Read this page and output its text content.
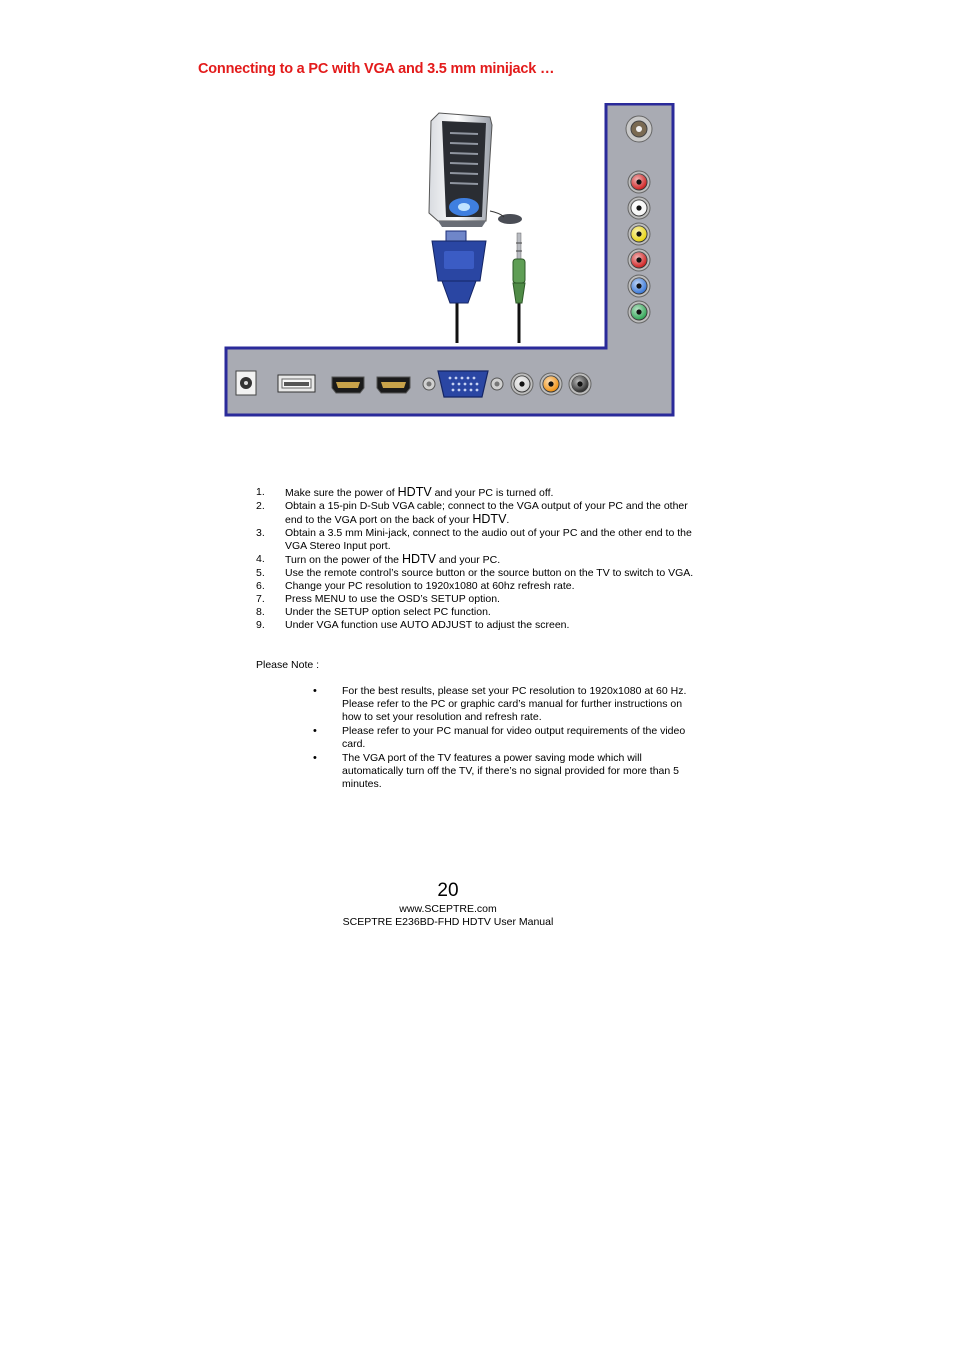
Connecting to a PC with VGA and 3.5 mm minijack …
1. Make sure the power of HDTV and your PC is turned off.
2. Obtain a 15-pin D-Sub VGA cable; connect to the VGA output of your PC and the other end to the VGA port on the back of your HDTV.
3. Obtain a 3.5 mm Mini-jack, connect to the audio out of your PC and the other end to the VGA Stereo Input port.
4. Turn on the power of the HDTV and your PC.
5. Use the remote control’s source button or the source button on the TV to switch to VGA.
6. Change your PC resolution to 1920x1080 at 60hz refresh rate.
7. Press MENU to use the OSD’s SETUP option.
8. Under the SETUP option select PC function.
9. Under VGA function use AUTO ADJUST to adjust the screen.

Please Note :

• For the best results, please set your PC resolution to 1920x1080 at 60 Hz. Please refer to the PC or graphic card’s manual for further instructions on how to set your resolution and refresh rate.
• Please refer to your PC manual for video output requirements of the video card.
• The VGA port of the TV features a power saving mode which will automatically turn off the TV, if there’s no signal provided for more than 5 minutes.

20

www.SCEPTRE.com

SCEPTRE E236BD-FHD HDTV User Manual
